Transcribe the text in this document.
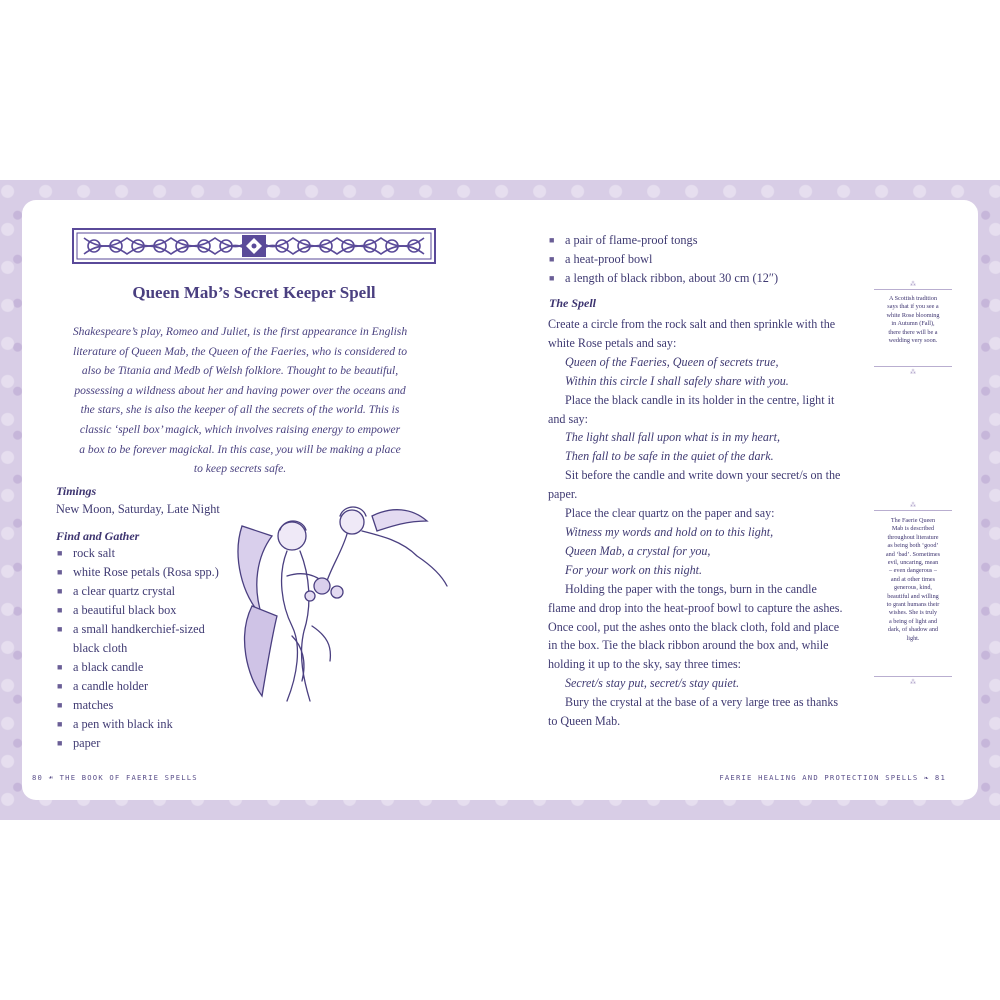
Queen Mab’s Secret Keeper Spell
Shakespeare’s play, Romeo and Juliet, is the first appearance in English
literature of Queen Mab, the Queen of the Faeries, who is considered to
also be Titania and Medb of Welsh folklore. Thought to be beautiful,
possessing a wildness about her and having power over the oceans and
the stars, she is also the keeper of all the secrets of the world. This is
classic ‘spell box’ magick, which involves raising energy to empower
a box to be forever magickal. In this case, you will be making a place
to keep secrets safe.

Timings

New Moon, Saturday, Late Night

Find and Gather

■ rock salt
■ white Rose petals (Rosa spp.)
■ a clear quartz crystal
■ a beautiful black box
■ a small handkerchief-sized
black cloth
■ a black candle
■ a candle holder
■ matches
■ a pen with black ink
■ paper
■ a pair of flame-proof tongs
■ a heat-proof bowl
■ a length of black ribbon, about 30 cm (12″)

The Spell

Create a circle from the rock salt and then sprinkle with the

white Rose petals and say:

Queen of the Faeries, Queen of secrets true,

Within this circle I shall safely share with you.

Place the black candle in its holder in the centre, light it

and say:

The light shall fall upon what is in my heart,

Then fall to be safe in the quiet of the dark.

Sit before the candle and write down your secret/s on the

paper.

Place the clear quartz on the paper and say:

Witness my words and hold on to this light,

Queen Mab, a crystal for you,

For your work on this night.

Holding the paper with the tongs, burn in the candle

flame and drop into the heat-proof bowl to capture the ashes.

Once cool, put the ashes onto the black cloth, fold and place

in the box. Tie the black ribbon around the box and, while

holding it up to the sky, say three times:

Secret/s stay put, secret/s stay quiet.

Bury the crystal at the base of a very large tree as thanks

to Queen Mab.

⁂
A Scottish tradition
says that if you see a
white Rose blooming
in Autumn (Fall),
there there will be a
wedding very soon.
⁂
⁂
The Faerie Queen
Mab is described
throughout literature
as being both ‘good’
and ‘bad’. Sometimes
evil, uncaring, mean
– even dangerous –
and at other times
generous, kind,
beautiful and willing
to grant humans their
wishes. She is truly
a being of light and
dark, of shadow and
light.
⁂
80 ☙ THE BOOK OF FAERIE SPELLS	FAERIE HEALING AND PROTECTION SPELLS ❧ 81
